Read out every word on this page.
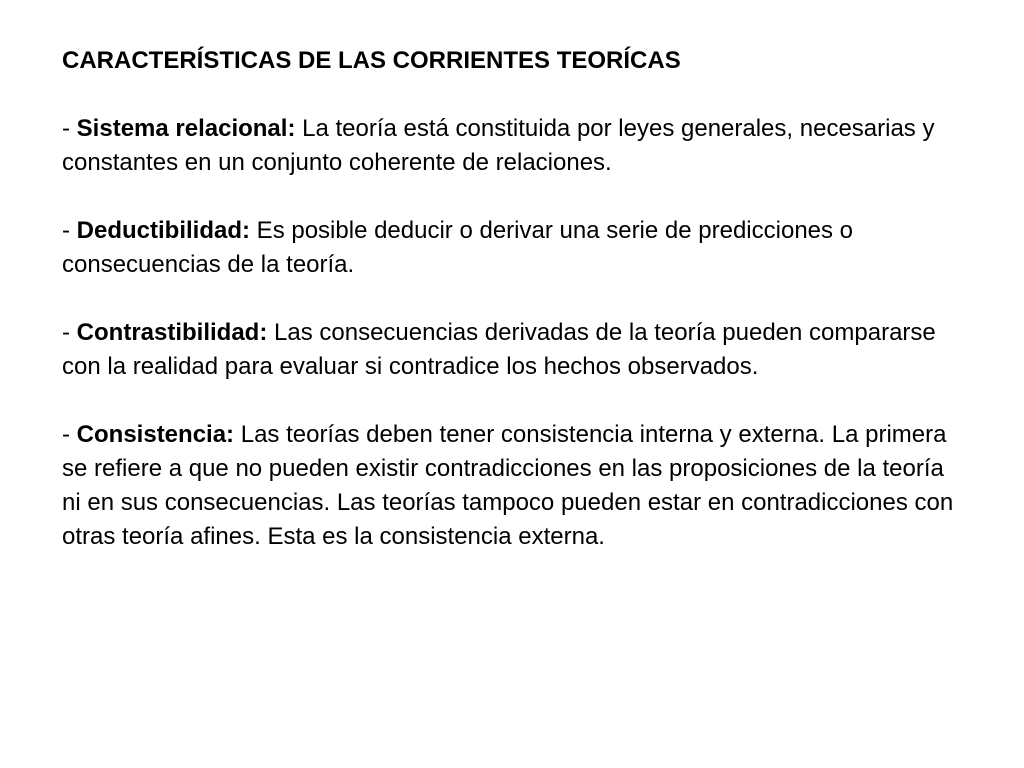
CARACTERÍSTICAS DE LAS CORRIENTES TEORÍCAS

- Sistema relacional: La teoría está constituida por leyes generales, necesarias y constantes en un conjunto coherente de relaciones.

- Deductibilidad: Es posible deducir o derivar una serie de predicciones o consecuencias de la teoría.

- Contrastibilidad: Las consecuencias derivadas de la teoría pueden compararse con la realidad para evaluar si contradice los hechos observados.

- Consistencia: Las teorías deben tener consistencia interna y externa. La primera se refiere a que no pueden existir contradicciones en las proposiciones de la teoría ni en sus consecuencias. Las teorías tampoco pueden estar en contradicciones con otras teoría afines. Esta es la consistencia externa.
